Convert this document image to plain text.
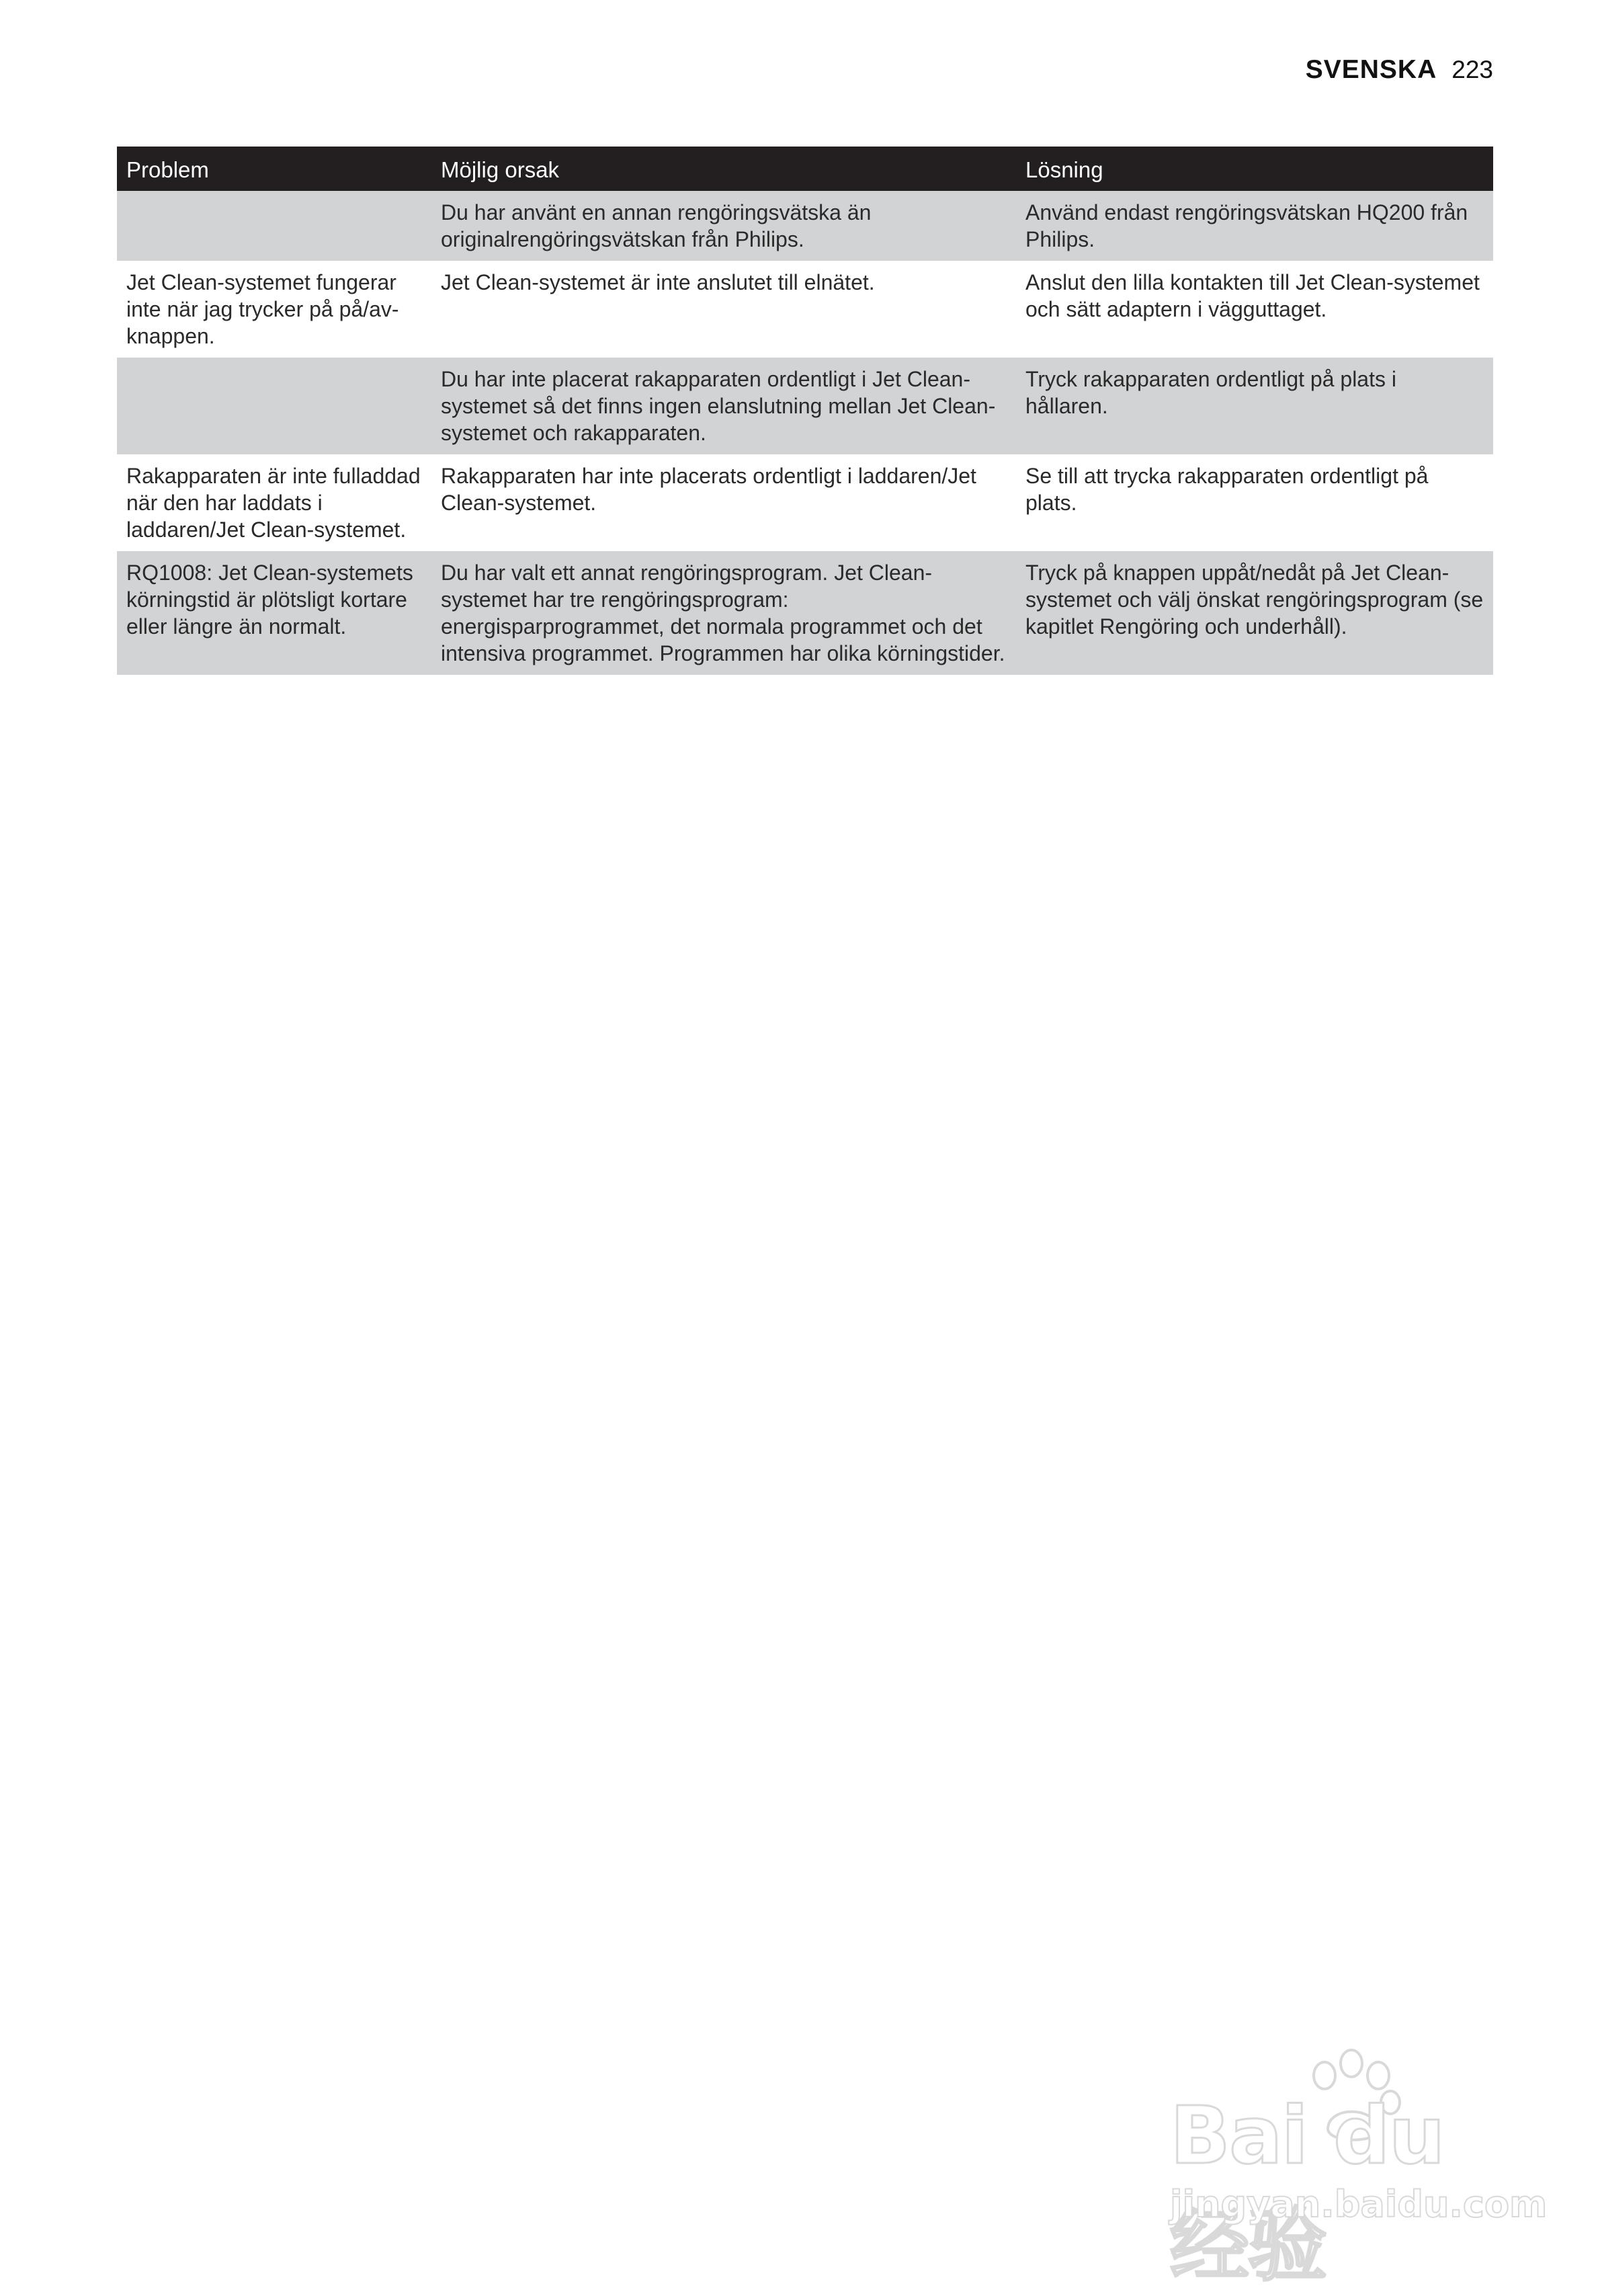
SVENSKA 223
Problem	Möjlig orsak	Lösning
	Du har använt en annan rengöringsvätska än originalrengöringsvätskan från Philips.	Använd endast rengöringsvätskan HQ200 från Philips.
Jet Clean-systemet fungerar inte när jag trycker på på/av-knappen.	Jet Clean-systemet är inte anslutet till elnätet.	Anslut den lilla kontakten till Jet Clean-systemet och sätt adaptern i vägguttaget.
	Du har inte placerat rakapparaten ordentligt i Jet Clean-systemet så det finns ingen elanslutning mellan Jet Clean-systemet och rakapparaten.	Tryck rakapparaten ordentligt på plats i hållaren.
Rakapparaten är inte fulladdad när den har laddats i laddaren/Jet Clean-systemet.	Rakapparaten har inte placerats ordentligt i laddaren/Jet Clean-systemet.	Se till att trycka rakapparaten ordentligt på plats.
RQ1008: Jet Clean-systemets körningstid är plötsligt kortare eller längre än normalt.	Du har valt ett annat rengöringsprogram. Jet Clean-systemet har tre rengöringsprogram: energisparprogrammet, det normala programmet och det intensiva programmet. Programmen har olika körningstider.	Tryck på knappen uppåt/nedåt på Jet Clean-systemet och välj önskat rengöringsprogram (se kapitlet Rengöring och underhåll).
Bai du 经验
jingyan.baidu.com
